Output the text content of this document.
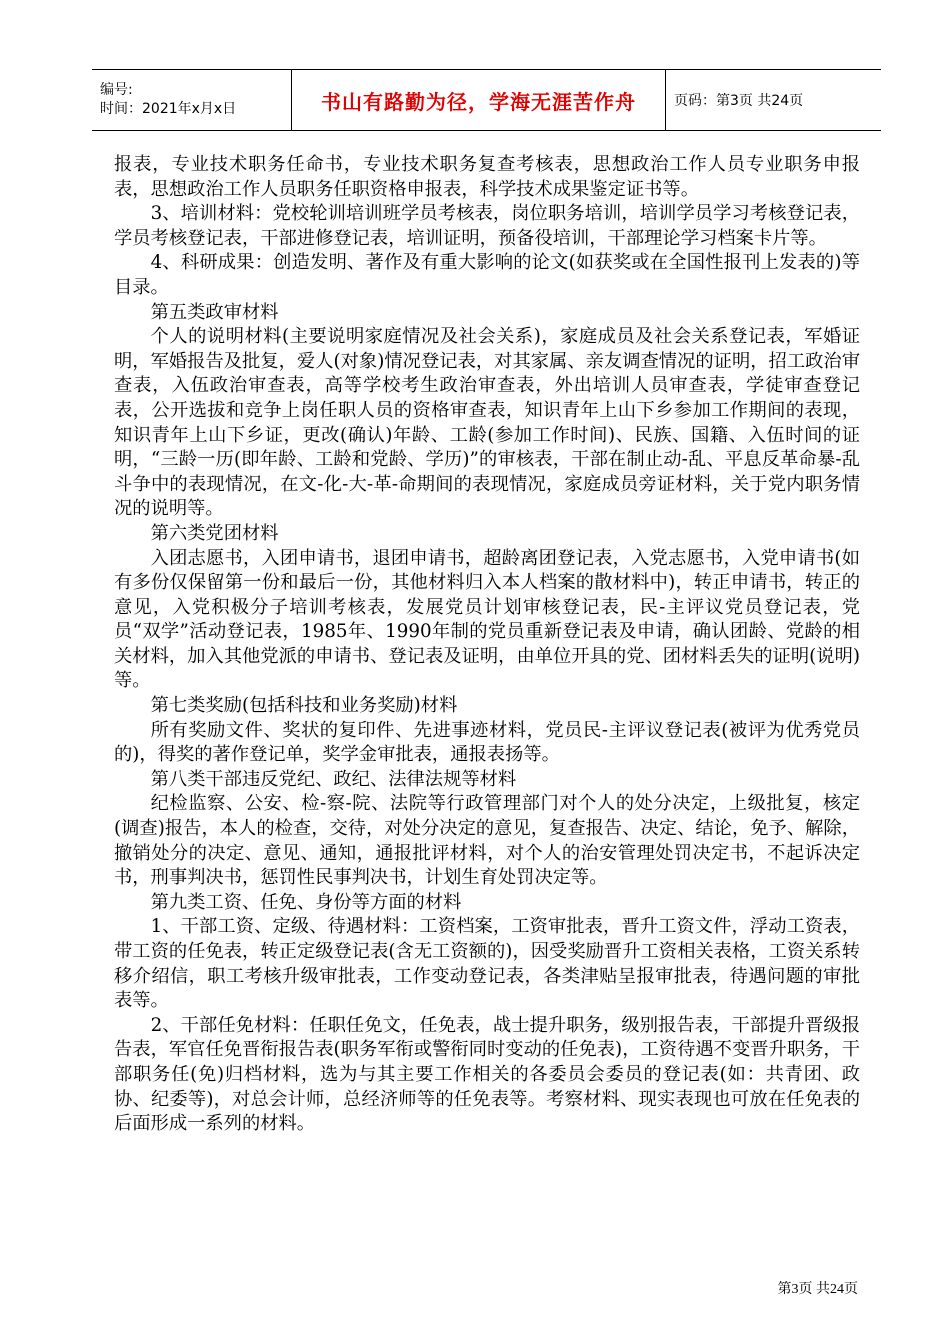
编号:
时间：2021年x月x日	书山有路勤为径，学海无涯苦作舟	页码：第3页 共24页

报表，专业技术职务任命书，专业技术职务复查考核表，思想政治工作人员专业职务申报表，思想政治工作人员职务任职资格申报表，科学技术成果鉴定证书等。

3、培训材料：党校轮训培训班学员考核表，岗位职务培训，培训学员学习考核登记表，学员考核登记表，干部进修登记表，培训证明，预备役培训，干部理论学习档案卡片等。

4、科研成果：创造发明、著作及有重大影响的论文(如获奖或在全国性报刊上发表的)等目录。

第五类政审材料

个人的说明材料(主要说明家庭情况及社会关系)，家庭成员及社会关系登记表，军婚证明，军婚报告及批复，爱人(对象)情况登记表，对其家属、亲友调查情况的证明，招工政治审查表，入伍政治审查表，高等学校考生政治审查表，外出培训人员审查表，学徒审查登记表，公开选拔和竞争上岗任职人员的资格审查表，知识青年上山下乡参加工作期间的表现，知识青年上山下乡证，更改(确认)年龄、工龄(参加工作时间)、民族、国籍、入伍时间的证明，“三龄一历(即年龄、工龄和党龄、学历)”的审核表，干部在制止动-乱、平息反革命暴-乱斗争中的表现情况，在文-化-大-革-命期间的表现情况，家庭成员旁证材料，关于党内职务情况的说明等。

第六类党团材料

入团志愿书，入团申请书，退团申请书，超龄离团登记表，入党志愿书，入党申请书(如有多份仅保留第一份和最后一份，其他材料归入本人档案的散材料中)，转正申请书，转正的意见，入党积极分子培训考核表，发展党员计划审核登记表，民-主评议党员登记表，党员“双学”活动登记表，1985年、1990年制的党员重新登记表及申请，确认团龄、党龄的相关材料，加入其他党派的申请书、登记表及证明，由单位开具的党、团材料丢失的证明(说明)等。

第七类奖励(包括科技和业务奖励)材料

所有奖励文件、奖状的复印件、先进事迹材料，党员民-主评议登记表(被评为优秀党员的)，得奖的著作登记单，奖学金审批表，通报表扬等。

第八类干部违反党纪、政纪、法律法规等材料

纪检监察、公安、检-察-院、法院等行政管理部门对个人的处分决定，上级批复，核定(调查)报告，本人的检查，交待，对处分决定的意见，复查报告、决定、结论，免予、解除，撤销处分的决定、意见、通知，通报批评材料，对个人的治安管理处罚决定书，不起诉决定书，刑事判决书，惩罚性民事判决书，计划生育处罚决定等。

第九类工资、任免、身份等方面的材料

1、干部工资、定级、待遇材料：工资档案，工资审批表，晋升工资文件，浮动工资表，带工资的任免表，转正定级登记表(含无工资额的)，因受奖励晋升工资相关表格，工资关系转移介绍信，职工考核升级审批表，工作变动登记表，各类津贴呈报审批表，待遇问题的审批表等。

2、干部任免材料：任职任免文，任免表，战士提升职务，级别报告表，干部提升晋级报告表，军官任免晋衔报告表(职务军衔或警衔同时变动的任免表)，工资待遇不变晋升职务，干部职务任(免)归档材料，选为与其主要工作相关的各委员会委员的登记表(如：共青团、政协、纪委等)，对总会计师，总经济师等的任免表等。考察材料、现实表现也可放在任免表的后面形成一系列的材料。

第3页 共24页
